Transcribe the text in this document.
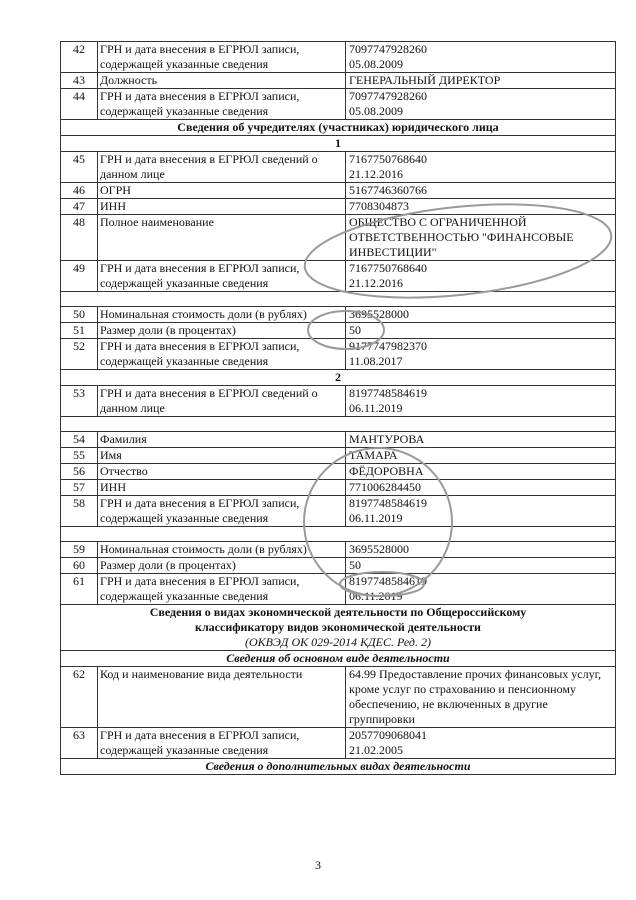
42	ГРН и дата внесения в ЕГРЮЛ записи, содержащей указанные сведения	7097747928260
05.08.2009
43	Должность	ГЕНЕРАЛЬНЫЙ ДИРЕКТОР
44	ГРН и дата внесения в ЕГРЮЛ записи, содержащей указанные сведения	7097747928260
05.08.2009
Сведения об учредителях (участниках) юридического лица		
1		
45	ГРН и дата внесения в ЕГРЮЛ сведений о данном лице	7167750768640
21.12.2016
46	ОГРН	5167746360766
47	ИНН	7708304873
48	Полное наименование	ОБЩЕСТВО С ОГРАНИЧЕННОЙ ОТВЕТСТВЕННОСТЬЮ "ФИНАНСОВЫЕ ИНВЕСТИЦИИ"
49	ГРН и дата внесения в ЕГРЮЛ записи, содержащей указанные сведения	7167750768640
21.12.2016

50	Номинальная стоимость доли (в рублях)	3695528000
51	Размер доли (в процентах)	50
52	ГРН и дата внесения в ЕГРЮЛ записи, содержащей указанные сведения	9177747982370
11.08.2017
2		
53	ГРН и дата внесения в ЕГРЮЛ сведений о данном лице	8197748584619
06.11.2019

54	Фамилия	МАНТУРОВА
55	Имя	ТАМАРА
56	Отчество	ФЁДОРОВНА
57	ИНН	771006284450
58	ГРН и дата внесения в ЕГРЮЛ записи, содержащей указанные сведения	8197748584619
06.11.2019

59	Номинальная стоимость доли (в рублях)	3695528000
60	Размер доли (в процентах)	50
61	ГРН и дата внесения в ЕГРЮЛ записи, содержащей указанные сведения	8197748584619
06.11.2019

Сведения о видах экономической деятельности по Общероссийскому
классификатору видов экономической деятельности
(ОКВЭД ОК 029-2014 КДЕС. Ред. 2)		

Сведения об основном виде деятельности		
62	Код и наименование вида деятельности	64.99 Предоставление прочих финансовых услуг, кроме услуг по страхованию и пенсионному обеспечению, не включенных в другие группировки
63	ГРН и дата внесения в ЕГРЮЛ записи, содержащей указанные сведения	2057709068041
21.02.2005
Сведения о дополнительных видах деятельности		
3
